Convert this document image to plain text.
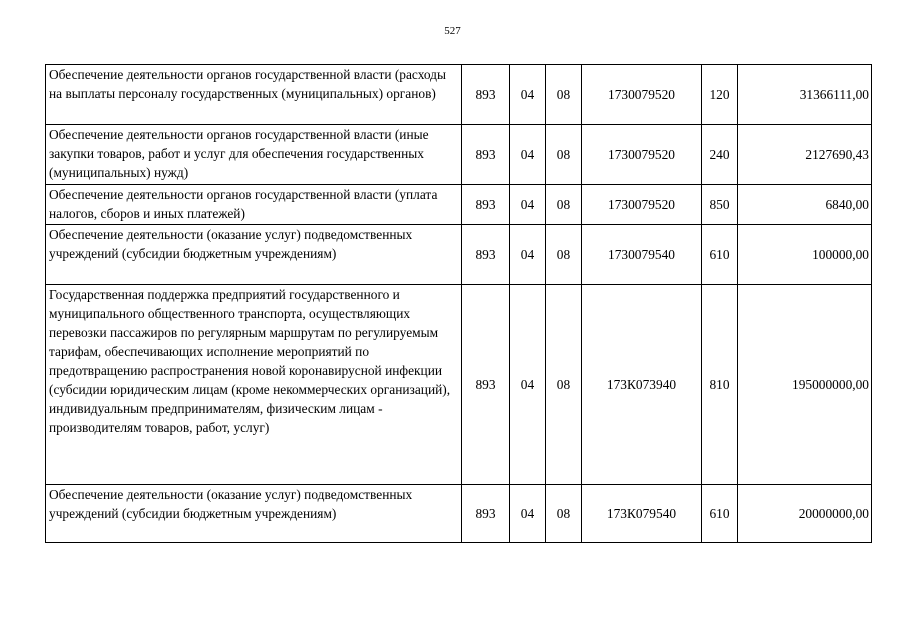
527
Обеспечение деятельности органов государственной власти (расходы на выплаты персоналу государственных (муниципальных) органов)	893	04	08	1730079520	120	31366111,00
Обеспечение деятельности органов государственной власти (иные закупки товаров, работ и услуг для обеспечения государственных (муниципальных) нужд)	893	04	08	1730079520	240	2127690,43
Обеспечение деятельности органов государственной власти (уплата налогов, сборов и иных платежей)	893	04	08	1730079520	850	6840,00
Обеспечение деятельности (оказание услуг) подведомственных учреждений (субсидии бюджетным учреждениям)	893	04	08	1730079540	610	100000,00
Государственная поддержка предприятий государственного и муниципального общественного транспорта, осуществляющих перевозки пассажиров по регулярным маршрутам по регулируемым тарифам, обеспечивающих исполнение мероприятий по предотвращению распространения новой коронавирусной инфекции (субсидии юридическим лицам (кроме некоммерческих организаций), индивидуальным предпринимателям, физическим лицам - производителям товаров, работ, услуг)	893	04	08	173К073940	810	195000000,00
Обеспечение деятельности (оказание услуг) подведомственных учреждений (субсидии бюджетным учреждениям)	893	04	08	173К079540	610	20000000,00
